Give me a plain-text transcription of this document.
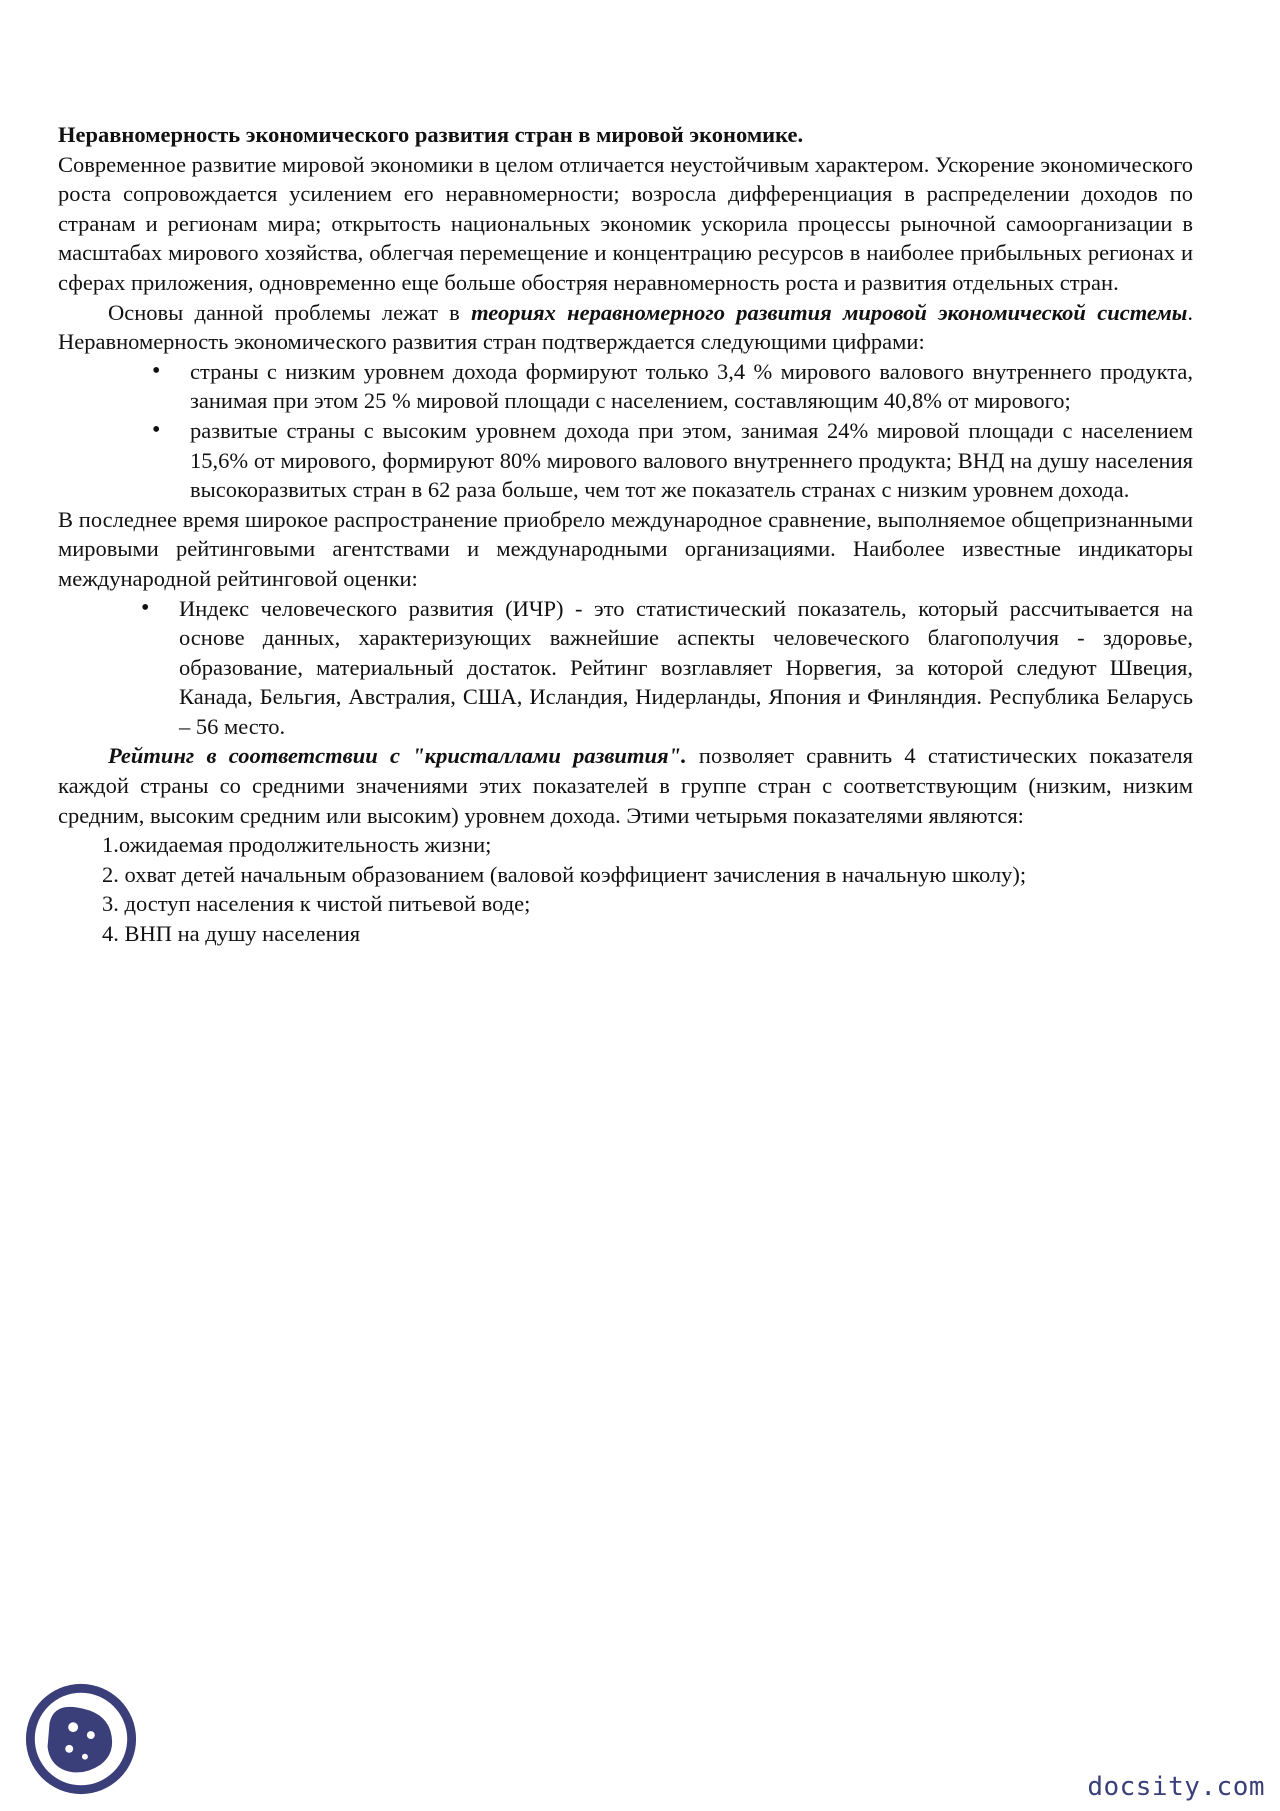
Неравномерность экономического развития стран в мировой экономике.

Современное развитие мировой экономики в целом отличается неустойчивым характером. Ускорение экономического роста сопровождается усилением его неравномерности; возросла дифференциация в распределении доходов по странам и регионам мира; открытость национальных экономик ускорила процессы рыночной самоорганизации в масштабах мирового хозяйства, облегчая перемещение и концентрацию ресурсов в наиболее прибыльных регионах и сферах приложения, одновременно еще больше обостряя неравномерность роста и развития отдельных стран.

Основы данной проблемы лежат в теориях неравномерного развития мировой экономической системы. Неравномерность экономического развития стран подтверждается следующими цифрами:

• страны с низким уровнем дохода формируют только 3,4 % мирового валового внутреннего продукта, занимая при этом 25 % мировой площади с населением, составляющим 40,8% от мирового;
• развитые страны с высоким уровнем дохода при этом, занимая 24% мировой площади с населением 15,6% от мирового, формируют 80% мирового валового внутреннего продукта; ВНД на душу населения высокоразвитых стран в 62 раза больше, чем тот же показатель странах с низким уровнем дохода.

В последнее время широкое распространение приобрело международное сравнение, выполняемое общепризнанными мировыми рейтинговыми агентствами и международными организациями. Наиболее известные индикаторы международной рейтинговой оценки:

• Индекс человеческого развития (ИЧР) - это статистический показатель, который рассчитывается на основе данных, характеризующих важнейшие аспекты человеческого благополучия - здоровье, образование, материальный достаток. Рейтинг возглавляет Норвегия, за которой следуют Швеция, Канада, Бельгия, Австралия, США, Исландия, Нидерланды, Япония и Финляндия. Республика Беларусь – 56 место.

Рейтинг в соответствии с "кристаллами развития". позволяет сравнить 4 статистических показателя каждой страны со средними значениями этих показателей в группе стран с соответствующим (низким, низким средним, высоким средним или высоким) уровнем дохода. Этими четырьмя показателями являются:

1.ожидаемая продолжительность жизни;
2. охват детей начальным образованием (валовой коэффициент зачисления в начальную школу);
3. доступ населения к чистой питьевой воде;
4. ВНП на душу населения
docsity.com
